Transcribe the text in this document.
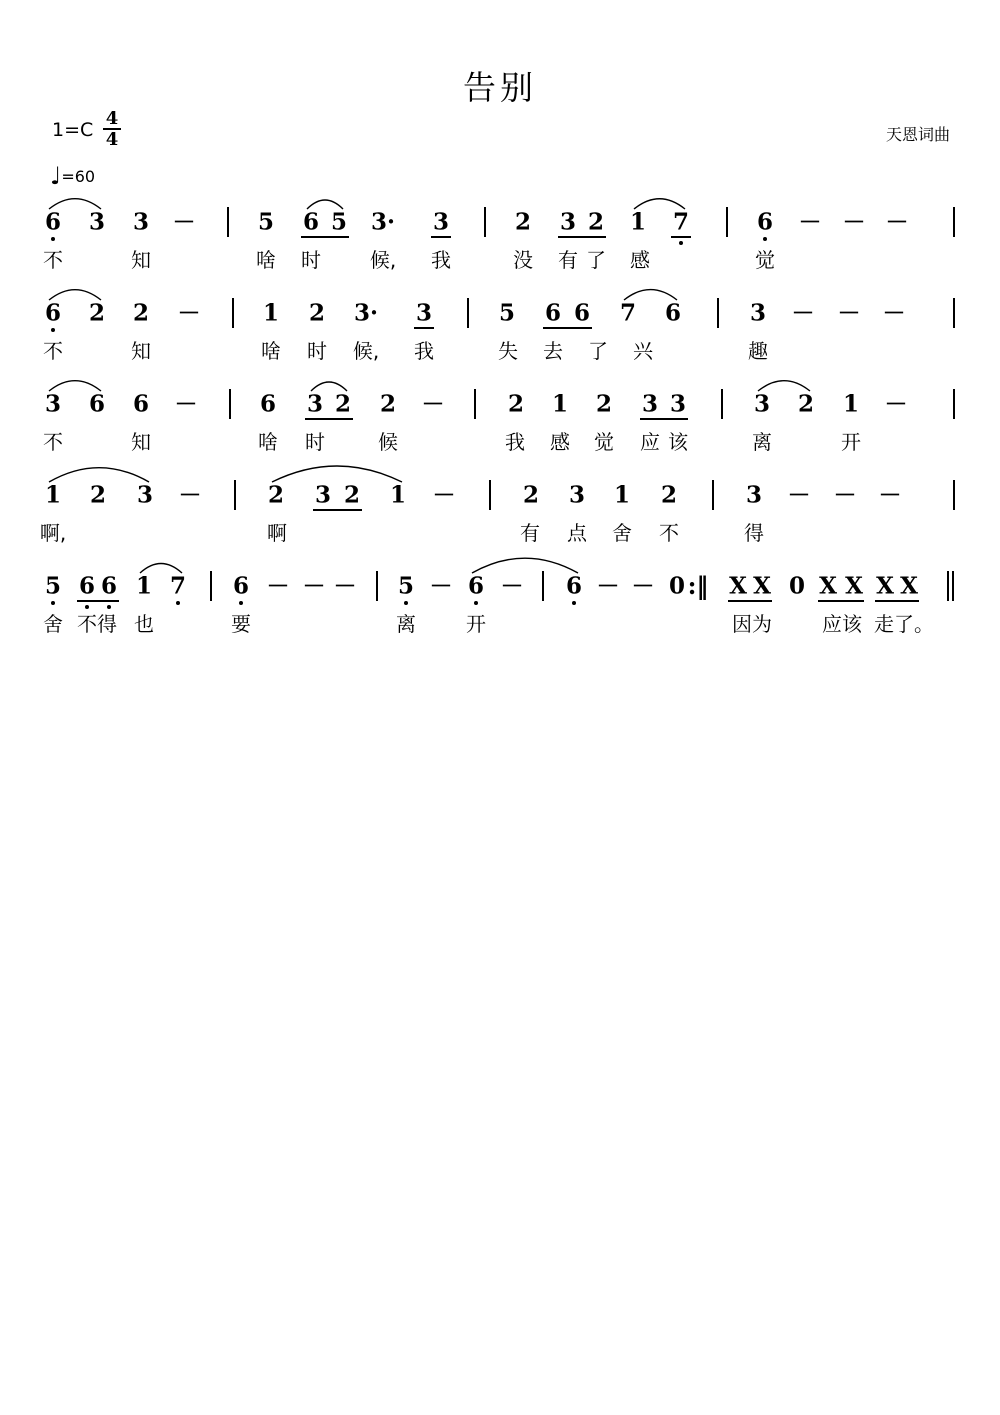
告别
1=C
4
4	天恩词曲
♩=60
6 3 3 －	5 6 5 3· 3	2 3 2 1 7	6 － － －
不	知	啥 时 候, 我	没 有 了 感	觉
6 2 2 －	1 2 3· 3	5 6 6 7 6	3 － － －
不	知	啥 时 候, 我	失 去 了 兴	趣
3 6 6 －	6 3 2 2 －	2 1 2 3 3	3 2 1 －
不	知	啥 时	候	我 感 觉 应 该	离	开
1 2 3 －	2 3 2 1 －	2 3 1 2	3 － － －
啊,	啊	有 点 舍 不	得
5 6 6 1 7 6 － － － 5 － 6 － 6 － － 0 X X 0 X X X X
:‖
舍 不得 也	要	离	开	因为	应该 走了。
